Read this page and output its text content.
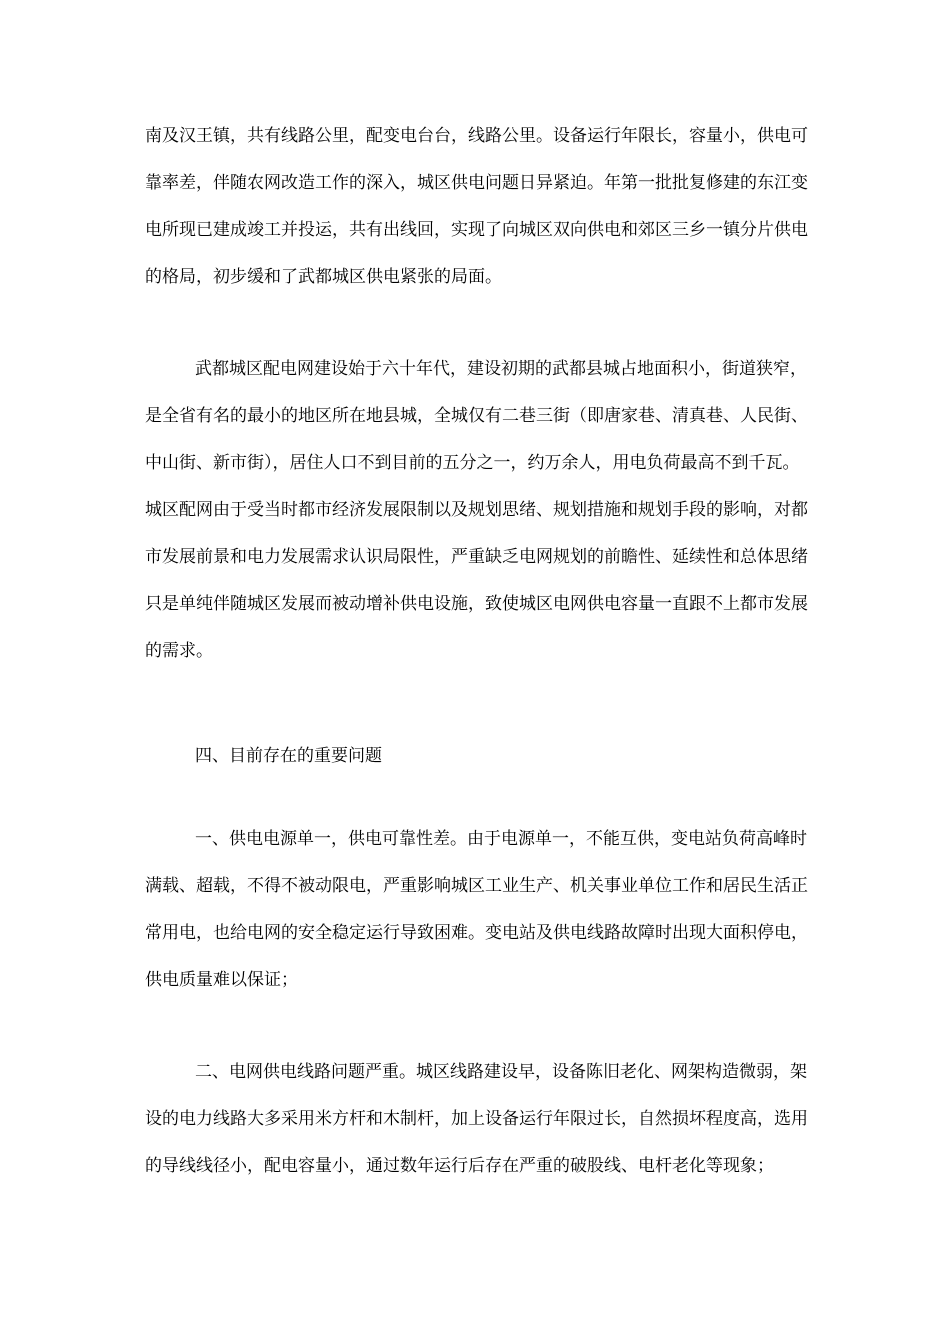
南及汉王镇，共有线路公里，配变电台台，线路公里。设备运行年限长，容量小，供电可
靠率差，伴随农网改造工作的深入，城区供电问题日异紧迫。年第一批批复修建的东江变
电所现已建成竣工并投运，共有出线回，实现了向城区双向供电和郊区三乡一镇分片供电
的格局，初步缓和了武都城区供电紧张的局面。
武都城区配电网建设始于六十年代，建设初期的武都县城占地面积小，街道狭窄，
是全省有名的最小的地区所在地县城，全城仅有二巷三街（即唐家巷、清真巷、人民街、
中山街、新市街），居住人口不到目前的五分之一，约万余人，用电负荷最高不到千瓦。
城区配网由于受当时都市经济发展限制以及规划思绪、规划措施和规划手段的影响，对都
市发展前景和电力发展需求认识局限性，严重缺乏电网规划的前瞻性、延续性和总体思绪
只是单纯伴随城区发展而被动增补供电设施，致使城区电网供电容量一直跟不上都市发展
的需求。
四、目前存在的重要问题
一、供电电源单一，供电可靠性差。由于电源单一，不能互供，变电站负荷高峰时
满载、超载，不得不被动限电，严重影响城区工业生产、机关事业单位工作和居民生活正
常用电，也给电网的安全稳定运行导致困难。变电站及供电线路故障时出现大面积停电，
供电质量难以保证；
二、电网供电线路问题严重。城区线路建设早，设备陈旧老化、网架构造微弱，架
设的电力线路大多采用米方杆和木制杆，加上设备运行年限过长，自然损坏程度高，选用
的导线线径小，配电容量小，通过数年运行后存在严重的破股线、电杆老化等现象；
